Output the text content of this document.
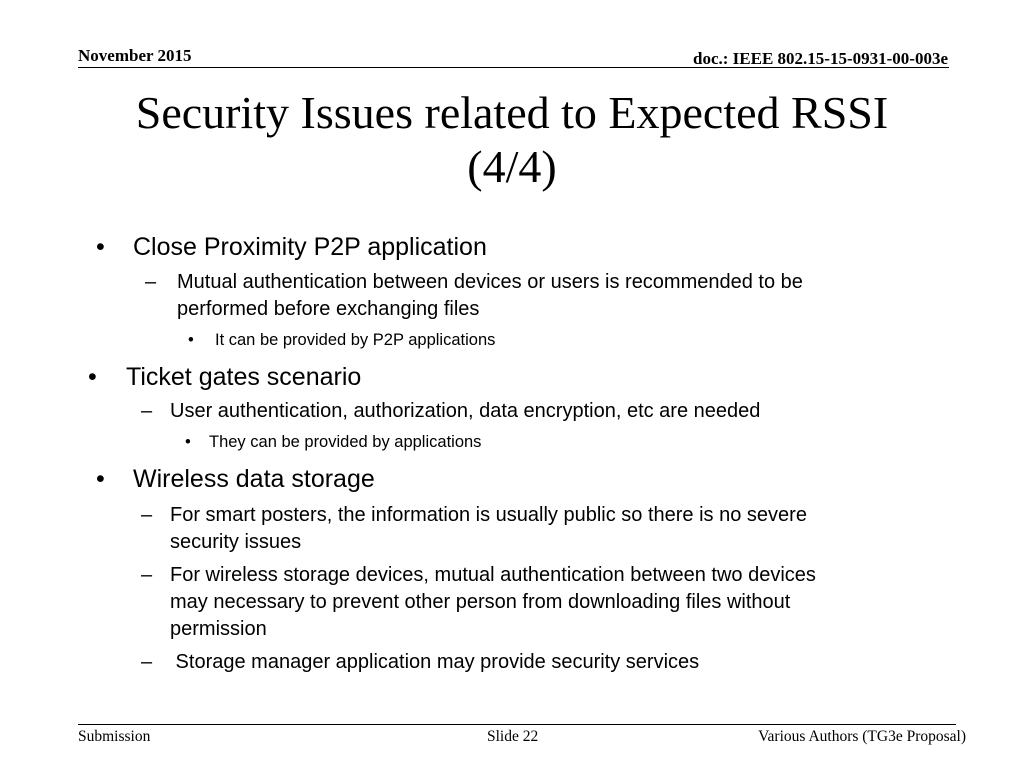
November 2015	doc.: IEEE 802.15-15-0931-00-003e
Security Issues related to Expected RSSI
(4/4)
• Close Proximity P2P application
– Mutual authentication between devices or users is recommended to be
performed before exchanging files
• It can be provided by P2P applications
• Ticket gates scenario
– User authentication, authorization, data encryption, etc are needed
• They can be provided by applications
• Wireless data storage
– For smart posters, the information is usually public so there is no severe
security issues
– For wireless storage devices, mutual authentication between two devices
may necessary to prevent other person from downloading files without
permission
– Storage manager application may provide security services
Submission	Slide 22	Various Authors (TG3e Proposal)
